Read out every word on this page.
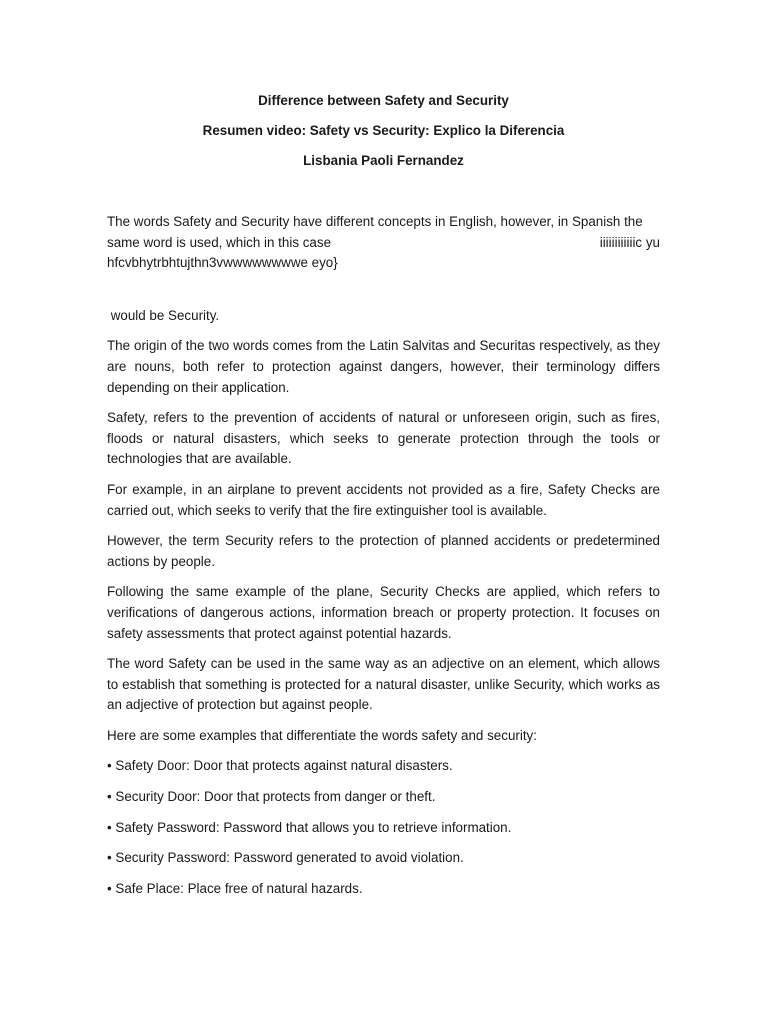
Difference between Safety and Security

Resumen video: Safety vs Security: Explico la Diferencia

Lisbania Paoli Fernandez

The words Safety and Security have different concepts in English, however, in Spanish the
same word is used, which in this case	iiiiiiiiiiiic yu
hfcvbhytrbhtujthn3vwwwwwwwwe eyo}

would be Security.

The origin of the two words comes from the Latin Salvitas and Securitas respectively, as they are nouns, both refer to protection against dangers, however, their terminology differs depending on their application.

Safety, refers to the prevention of accidents of natural or unforeseen origin, such as fires, floods or natural disasters, which seeks to generate protection through the tools or technologies that are available.

For example, in an airplane to prevent accidents not provided as a fire, Safety Checks are carried out, which seeks to verify that the fire extinguisher tool is available.

However, the term Security refers to the protection of planned accidents or predetermined actions by people.

Following the same example of the plane, Security Checks are applied, which refers to verifications of dangerous actions, information breach or property protection. It focuses on safety assessments that protect against potential hazards.

The word Safety can be used in the same way as an adjective on an element, which allows to establish that something is protected for a natural disaster, unlike Security, which works as an adjective of protection but against people.

Here are some examples that differentiate the words safety and security:

• Safety Door: Door that protects against natural disasters.

• Security Door: Door that protects from danger or theft.

• Safety Password: Password that allows you to retrieve information.

• Security Password: Password generated to avoid violation.

• Safe Place: Place free of natural hazards.
